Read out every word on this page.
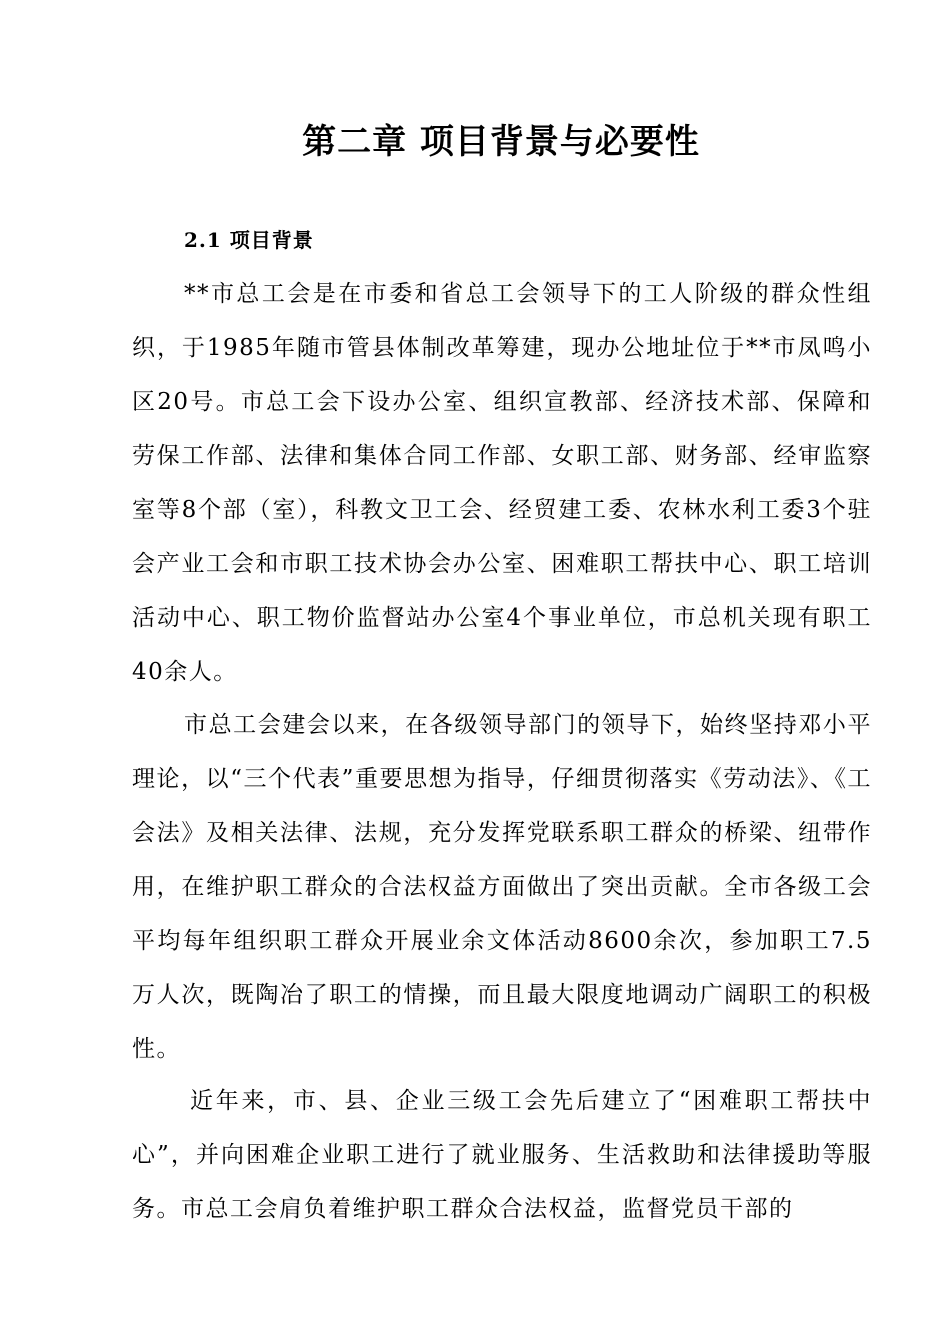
第二章 项目背景与必要性
2.1 项目背景

**市总工会是在市委和省总工会领导下的工人阶级的群众性组织，于1985年随市管县体制改革筹建，现办公地址位于**市凤鸣小区20号。市总工会下设办公室、组织宣教部、经济技术部、保障和劳保工作部、法律和集体合同工作部、女职工部、财务部、经审监察室等8个部（室），科教文卫工会、经贸建工委、农林水利工委3个驻会产业工会和市职工技术协会办公室、困难职工帮扶中心、职工培训活动中心、职工物价监督站办公室4个事业单位，市总机关现有职工40余人。

市总工会建会以来，在各级领导部门的领导下，始终坚持邓小平理论，以“三个代表”重要思想为指导，仔细贯彻落实《劳动法》、《工会法》及相关法律、法规，充分发挥党联系职工群众的桥梁、纽带作用，在维护职工群众的合法权益方面做出了突出贡献。全市各级工会平均每年组织职工群众开展业余文体活动8600余次，参加职工7.5万人次，既陶冶了职工的情操，而且最大限度地调动广阔职工的积极性。

近年来，市、县、企业三级工会先后建立了“困难职工帮扶中心”，并向困难企业职工进行了就业服务、生活救助和法律援助等服务。市总工会肩负着维护职工群众合法权益，监督党员干部的
